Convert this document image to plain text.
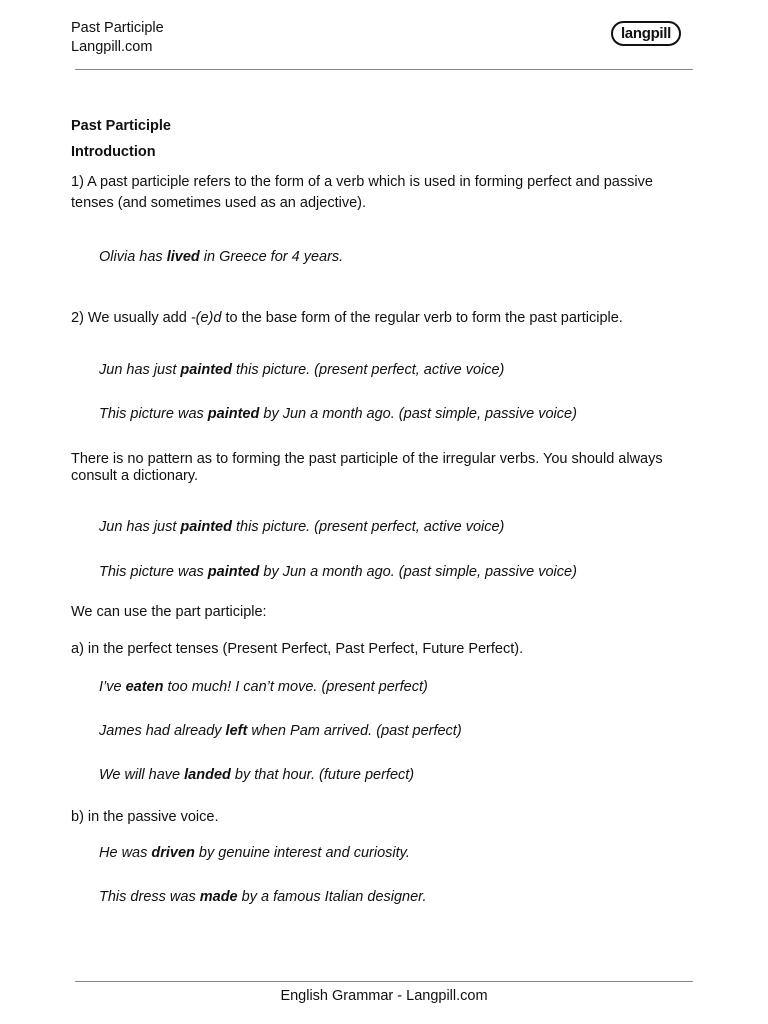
Past Participle
Langpill.com
langpill
Past Participle
Introduction
1) A past participle refers to the form of a verb which is used in forming perfect and passive tenses (and sometimes used as an adjective).
Olivia has lived in Greece for 4 years.
2) We usually add -(e)d to the base form of the regular verb to form the past participle.
Jun has just painted this picture. (present perfect, active voice)
This picture was painted by Jun a month ago. (past simple, passive voice)
There is no pattern as to forming the past participle of the irregular verbs. You should always consult a dictionary.
Jun has just painted this picture. (present perfect, active voice)
This picture was painted by Jun a month ago. (past simple, passive voice)
We can use the part participle:
a) in the perfect tenses (Present Perfect, Past Perfect, Future Perfect).
I’ve eaten too much! I can’t move. (present perfect)
James had already left when Pam arrived. (past perfect)
We will have landed by that hour. (future perfect)
b) in the passive voice.
He was driven by genuine interest and curiosity.
This dress was made by a famous Italian designer.
English Grammar - Langpill.com
